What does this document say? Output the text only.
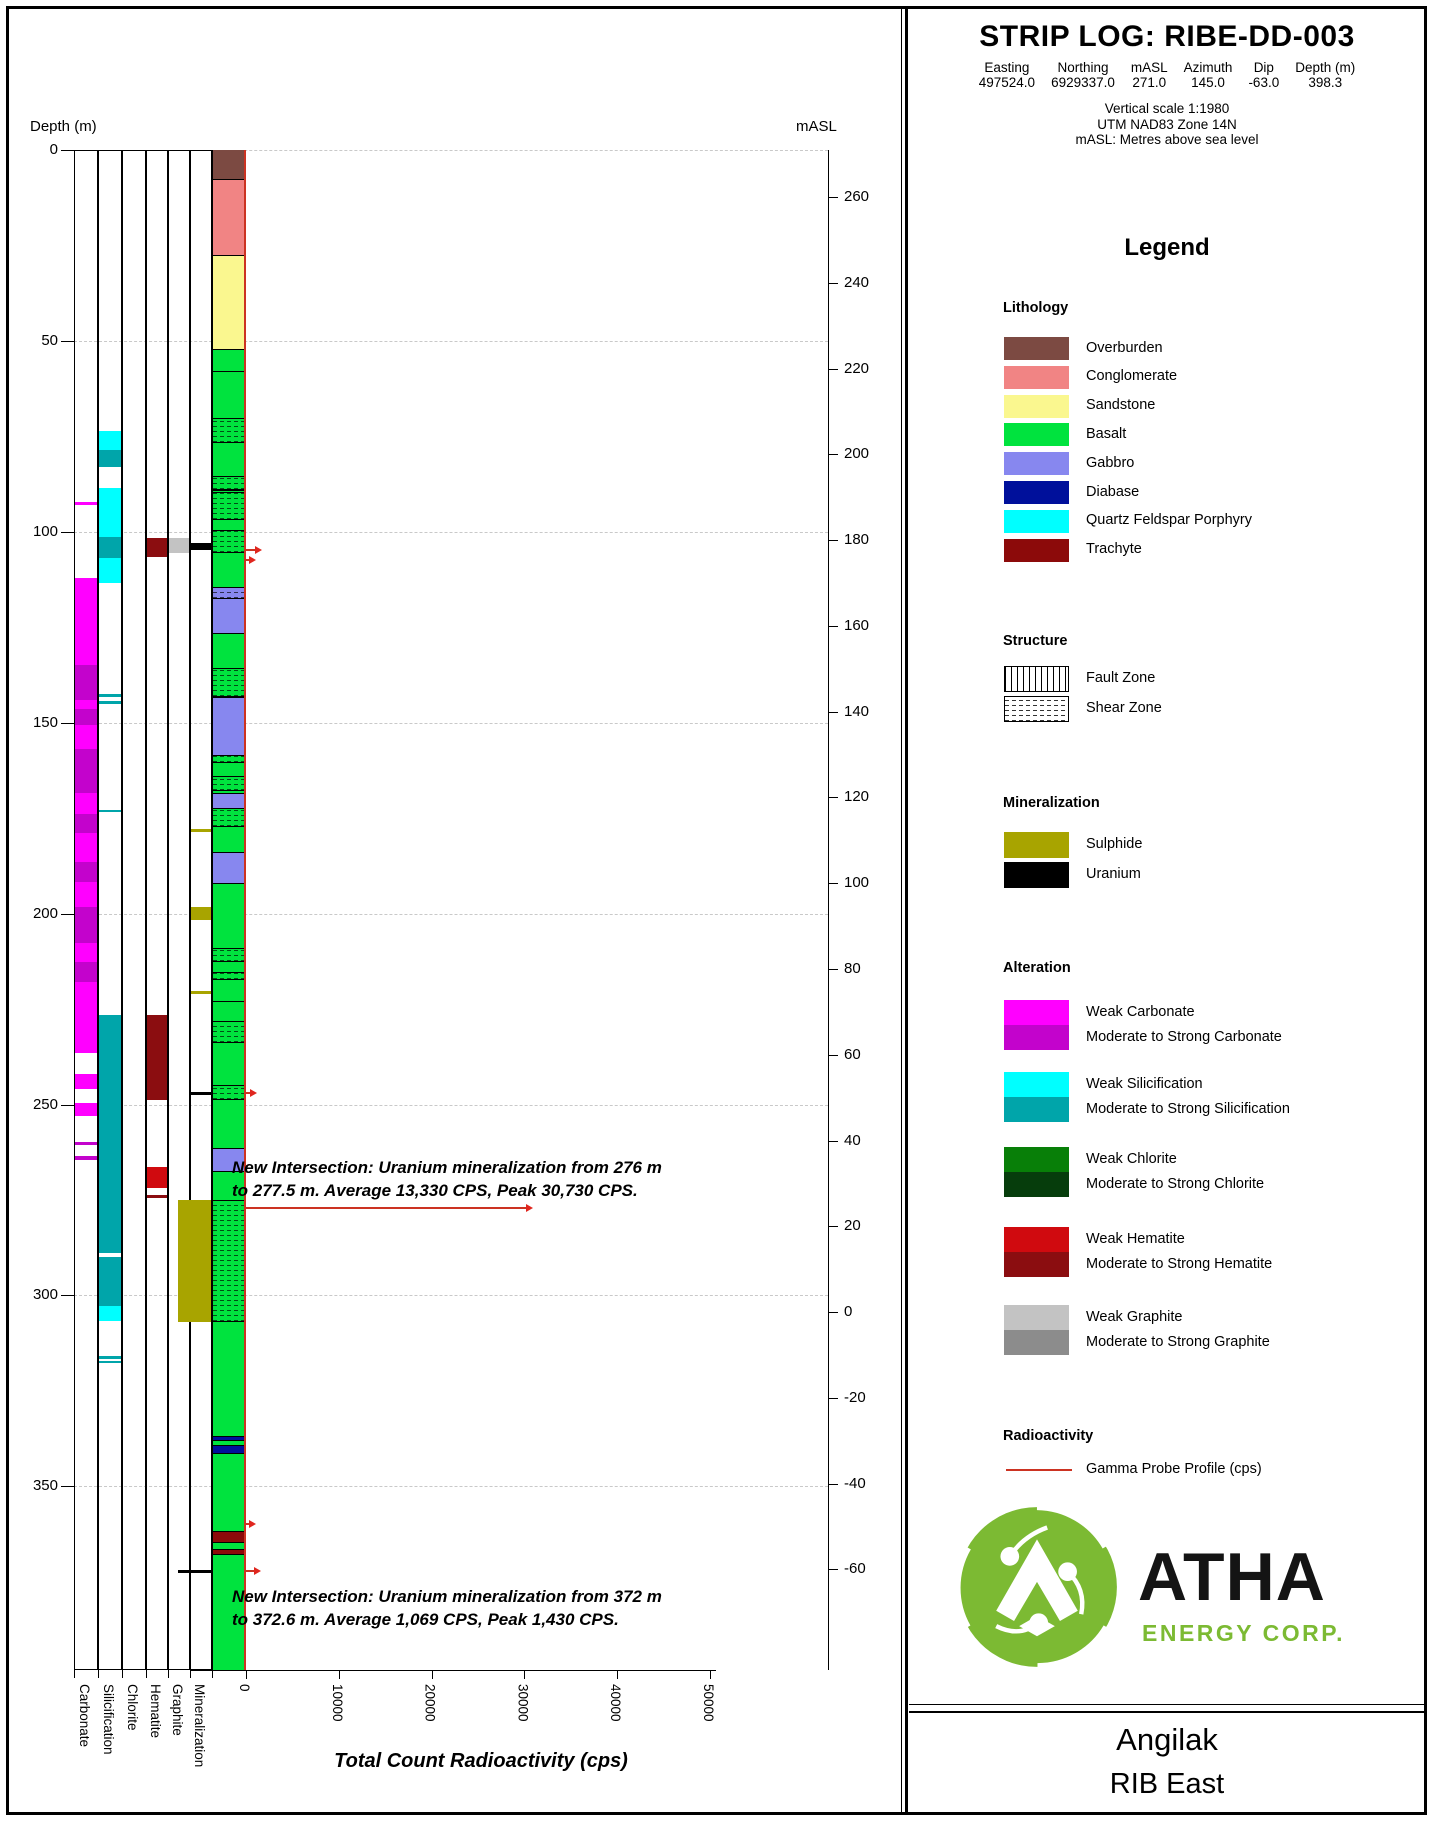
Depth (m)	mASL
0
50
100
150
200
250
300
350
260
240
220
200
180
160
140
120
100
80
60
40
20
0
-20
-40
-60
0	10000	20000	30000	40000	50000
Carbonate Silicification Chlorite Hematite Graphite Mineralization	Total Count Radioactivity (cps)
New Intersection: Uranium mineralization from 276 m
to 277.5 m. Average 13,330 CPS, Peak 30,730 CPS.
New Intersection: Uranium mineralization from 372 m
to 372.6 m. Average 1,069 CPS, Peak 1,430 CPS.
STRIP LOG: RIBE-DD-003
Easting
497524.0
Northing
6929337.0
mASL
271.0
Azimuth
145.0
Dip
-63.0
Depth (m)
398.3
Vertical scale 1:1980
UTM NAD83 Zone 14N
mASL: Metres above sea level
Legend
Lithology
Overburden
Conglomerate
Sandstone
Basalt
Gabbro
Diabase
Quartz Feldspar Porphyry
Trachyte
Structure
Fault Zone
Shear Zone
Mineralization
Sulphide
Uranium
Alteration
Weak Carbonate
Moderate to Strong Carbonate
Weak Silicification
Moderate to Strong Silicification
Weak Chlorite
Moderate to Strong Chlorite
Weak Hematite
Moderate to Strong Hematite
Weak Graphite
Moderate to Strong Graphite
Radioactivity
Gamma Probe Profile (cps)
ATHA
ENERGY CORP.
Angilak
RIB East
